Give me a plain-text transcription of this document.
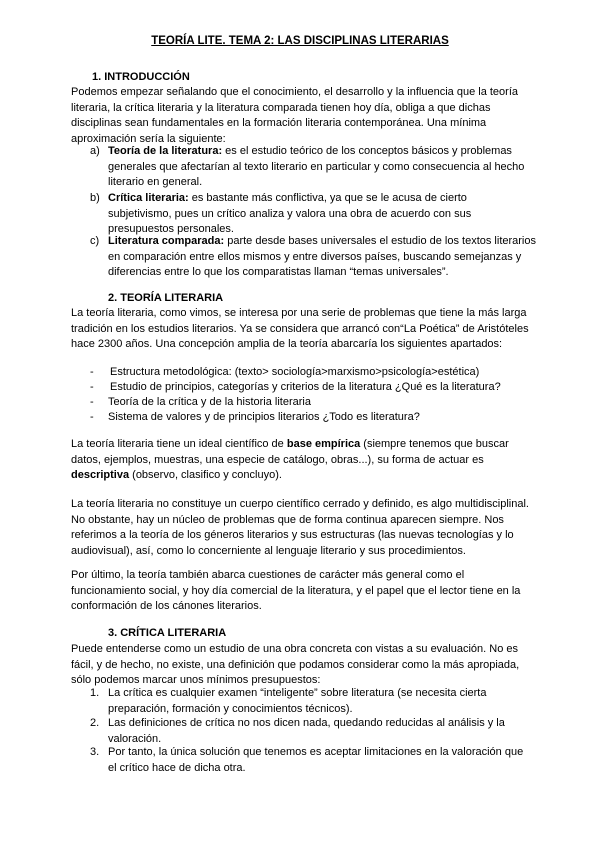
TEORÍA LITE. TEMA 2: LAS DISCIPLINAS LITERARIAS
1. INTRODUCCIÓN
Podemos empezar señalando que el conocimiento, el desarrollo y la influencia que la teoría literaria, la crítica literaria y la literatura comparada tienen hoy día, obliga a que dichas disciplinas sean fundamentales en la formación literaria contemporánea. Una mínima aproximación sería la siguiente:
a) Teoría de la literatura: es el estudio teórico de los conceptos básicos y problemas generales que afectarían al texto literario en particular y como consecuencia al hecho literario en general.
b) Crítica literaria: es bastante más conflictiva, ya que se le acusa de cierto subjetivismo, pues un crítico analiza y valora una obra de acuerdo con sus presupuestos personales.
c) Literatura comparada: parte desde bases universales el estudio de los textos literarios en comparación entre ellos mismos y entre diversos países, buscando semejanzas y diferencias entre lo que los comparatistas llaman “temas universales”.
2. TEORÍA LITERARIA
La teoría literaria, como vimos, se interesa por una serie de problemas que tiene la más larga tradición en los estudios literarios. Ya se considera que arrancó con“La Poética” de Aristóteles hace 2300 años. Una concepción amplia de la teoría abarcaría los siguientes apartados:
- Estructura metodológica: (texto> sociología>marxismo>psicología>estética)
- Estudio de principios, categorías y criterios de la literatura ¿Qué es la literatura?
- Teoría de la crítica y de la historia literaria
- Sistema de valores y de principios literarios ¿Todo es literatura?
La teoría literaria tiene un ideal científico de base empírica (siempre tenemos que buscar datos, ejemplos, muestras, una especie de catálogo, obras...), su forma de actuar es descriptiva (observo, clasifico y concluyo).
La teoría literaria no constituye un cuerpo científico cerrado y definido, es algo multidisciplinal. No obstante, hay un núcleo de problemas que de forma continua aparecen siempre. Nos referimos a la teoría de los géneros literarios y sus estructuras (las nuevas tecnologías y lo audiovisual), así, como lo concerniente al lenguaje literario y sus procedimientos.
Por último, la teoría también abarca cuestiones de carácter más general como el funcionamiento social, y hoy día comercial de la literatura, y el papel que el lector tiene en la conformación de los cánones literarios.
3. CRÍTICA LITERARIA
Puede entenderse como un estudio de una obra concreta con vistas a su evaluación. No es fácil, y de hecho, no existe, una definición que podamos considerar como la más apropiada, sólo podemos marcar unos mínimos presupuestos:
1. La crítica es cualquier examen “inteligente” sobre literatura (se necesita cierta preparación, formación y conocimientos técnicos).
2. Las definiciones de crítica no nos dicen nada, quedando reducidas al análisis y la valoración.
3. Por tanto, la única solución que tenemos es aceptar limitaciones en la valoración que el crítico hace de dicha otra.
